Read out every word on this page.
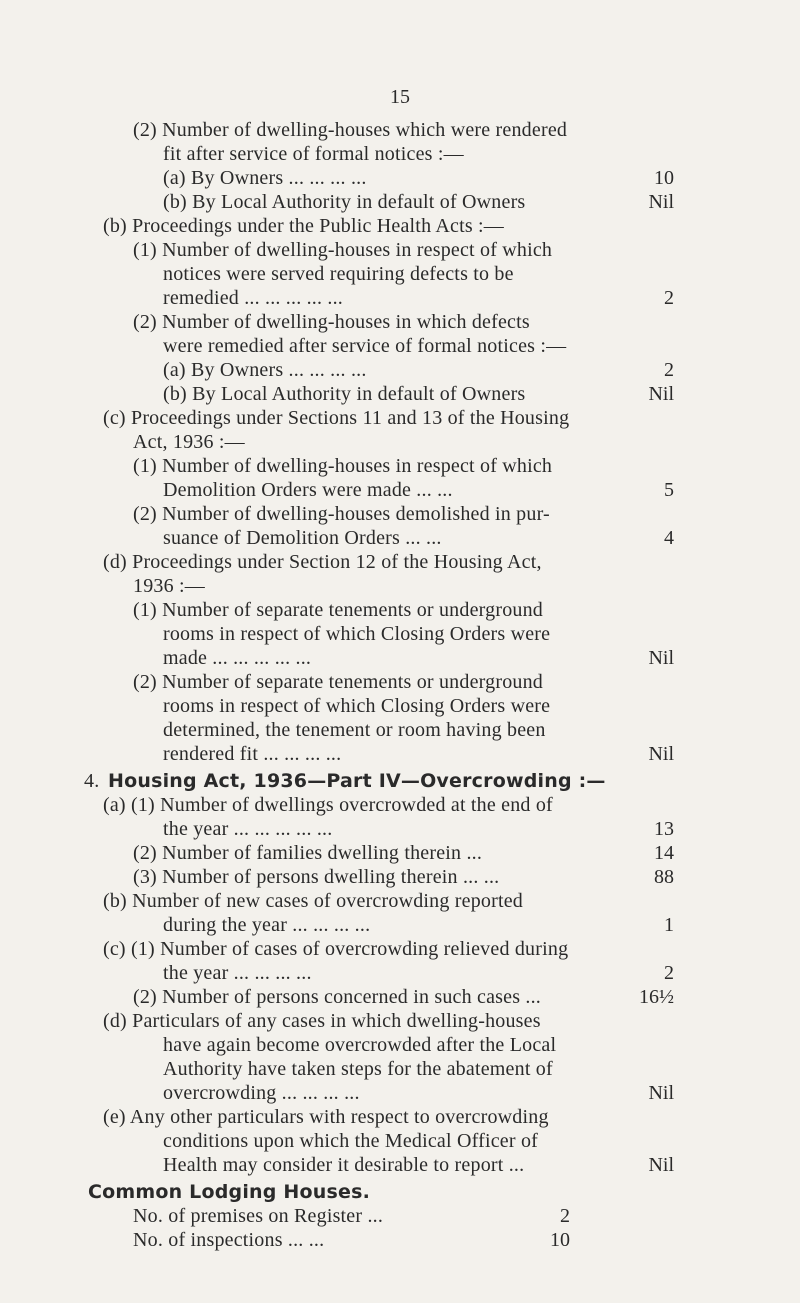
15
(2) Number of dwelling-houses which were rendered
fit after service of formal notices :—
(a) By Owners ... ... ... ...	10
(b) By Local Authority in default of Owners	Nil
(b) Proceedings under the Public Health Acts :—
(1) Number of dwelling-houses in respect of which
notices were served requiring defects to be
remedied ... ... ... ... ...	2
(2) Number of dwelling-houses in which defects
were remedied after service of formal notices :—
(a) By Owners ... ... ... ...	2
(b) By Local Authority in default of Owners	Nil
(c) Proceedings under Sections 11 and 13 of the Housing
Act, 1936 :—
(1) Number of dwelling-houses in respect of which
Demolition Orders were made ... ...	5
(2) Number of dwelling-houses demolished in pur-
suance of Demolition Orders ... ...	4
(d) Proceedings under Section 12 of the Housing Act,
1936 :—
(1) Number of separate tenements or underground
rooms in respect of which Closing Orders were
made ... ... ... ... ...	Nil
(2) Number of separate tenements or underground
rooms in respect of which Closing Orders were
determined, the tenement or room having been
rendered fit ... ... ... ...	Nil
4. Housing Act, 1936—Part IV—Overcrowding :—
(a) (1) Number of dwellings overcrowded at the end of
the year ... ... ... ... ...	13
(2) Number of families dwelling therein ...	14
(3) Number of persons dwelling therein ... ...	88
(b) Number of new cases of overcrowding reported
during the year ... ... ... ...	1
(c) (1) Number of cases of overcrowding relieved during
the year ... ... ... ...	2
(2) Number of persons concerned in such cases ...	16½
(d) Particulars of any cases in which dwelling-houses
have again become overcrowded after the Local
Authority have taken steps for the abatement of
overcrowding ... ... ... ...	Nil
(e) Any other particulars with respect to overcrowding
conditions upon which the Medical Officer of
Health may consider it desirable to report ...	Nil
Common Lodging Houses.
No. of premises on Register ...	2
No. of inspections ... ...	10
